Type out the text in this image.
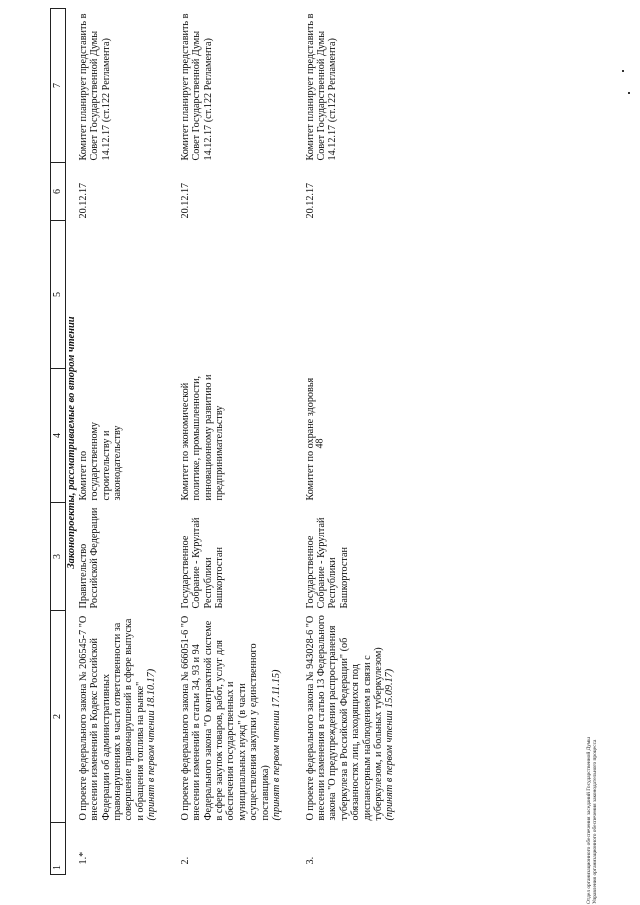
48
1	2	3	4	5	6	7
Законопроекты, рассматриваемые во втором чтении						
1.*	О проекте федерального закона № 206545-7 "О внесении изменений в Кодекс Российской Федерации об административных правонарушениях в части ответственности за совершение правонарушений в сфере выпуска и обращения топлива на рынке" (принят в первом чтении 18.10.17)	Правительство Российской Федерации	Комитет по государственному строительству и законодательству		20.12.17	Комитет планирует представить в Совет Государственной Думы 14.12.17 (ст.122 Регламента)
2.	О проекте федерального закона № 666051-6 "О внесении изменений в статьи 34, 93 и 94 Федерального закона "О контрактной системе в сфере закупок товаров, работ, услуг для обеспечения государственных и муниципальных нужд" (в части осуществления закупки у единственного поставщика) (принят в первом чтении 17.11.15)	Государственное Собрание - Курултай Республики Башкортостан	Комитет по экономической политике, промышленности, инновационному развитию и предпринимательству		20.12.17	Комитет планирует представить в Совет Государственной Думы 14.12.17 (ст.122 Регламента)
3.	О проекте федерального закона № 943028-6 "О внесении изменения в статью 13 Федерального закона "О предупреждении распространения туберкулеза в Российской Федерации" (об обязанностях лиц, находящихся под диспансерным наблюдением в связи с туберкулезом, и больных туберкулезом) (принят в первом чтении 15.09.17)	Государственное Собрание - Курултай Республики Башкортостан	Комитет по охране здоровья		20.12.17	Комитет планирует представить в Совет Государственной Думы 14.12.17 (ст.122 Регламента)
Отдел организационного обеспечения заседаний Государственной Думы Управления организационного обеспечения законодательного процесса
